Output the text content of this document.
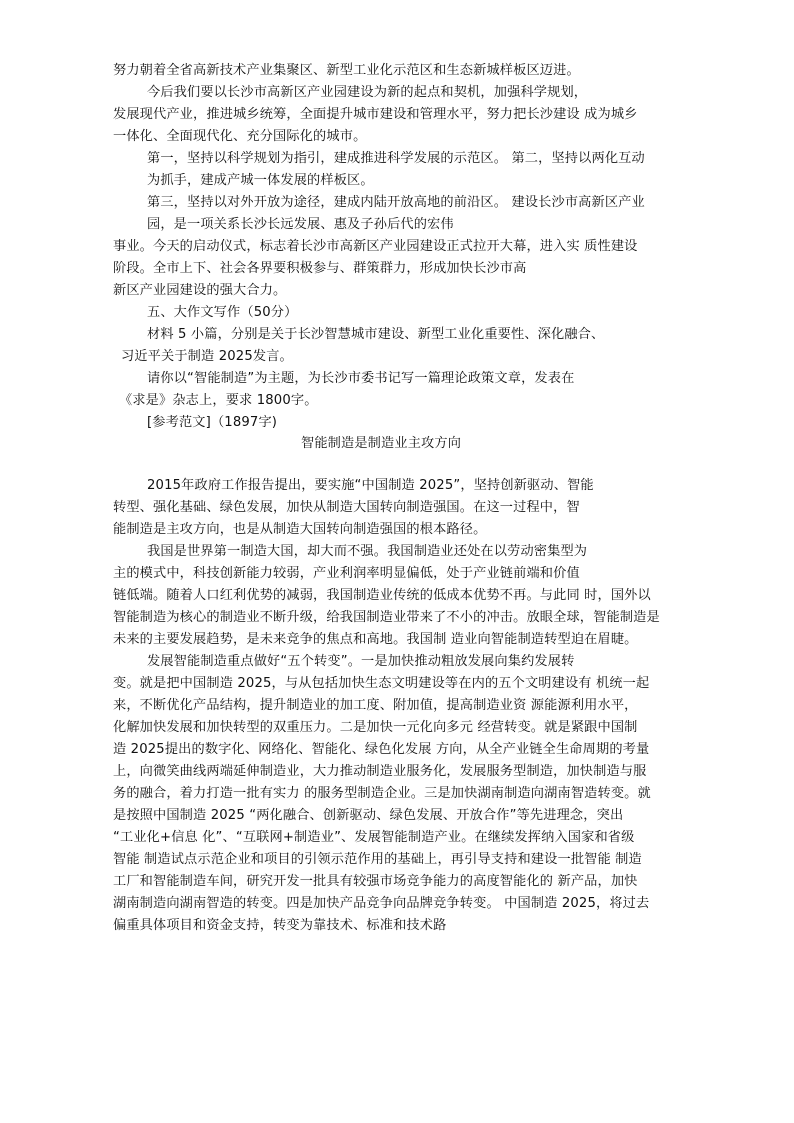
努力朝着全省高新技术产业集聚区、新型工业化示范区和生态新城样板区迈进。
今后我们要以长沙市高新区产业园建设为新的起点和契机，加强科学规划，
发展现代产业，推进城乡统筹，全面提升城市建设和管理水平，努力把长沙建设 成为城乡
一体化、全面现代化、充分国际化的城市。
第一，坚持以科学规划为指引，建成推进科学发展的示范区。 第二，坚持以两化互动
为抓手，建成产城一体发展的样板区。
第三，坚持以对外开放为途径，建成内陆开放高地的前沿区。 建设长沙市高新区产业
园，是一项关系长沙长远发展、惠及子孙后代的宏伟
事业。今天的启动仪式，标志着长沙市高新区产业园建设正式拉开大幕，进入实 质性建设
阶段。全市上下、社会各界要积极参与、群策群力，形成加快长沙市高
新区产业园建设的强大合力。
五、大作文写作（50分）
材料 5 小篇，分别是关于长沙智慧城市建设、新型工业化重要性、深化融合、
习近平关于制造 2025发言。
请你以“智能制造”为主题，为长沙市委书记写一篇理论政策文章，发表在
《求是》杂志上，要求 1800字。
[参考范文]（1897字)
智能制造是制造业主攻方向
2015年政府工作报告提出，要实施“中国制造 2025”，坚持创新驱动、智能
转型、强化基础、绿色发展，加快从制造大国转向制造强国。在这一过程中，智
能制造是主攻方向，也是从制造大国转向制造强国的根本路径。
我国是世界第一制造大国，却大而不强。我国制造业还处在以劳动密集型为
主的模式中，科技创新能力较弱，产业利润率明显偏低，处于产业链前端和价值
链低端。随着人口红利优势的减弱，我国制造业传统的低成本优势不再。与此同 时，国外以
智能制造为核心的制造业不断升级，给我国制造业带来了不小的冲击。放眼全球，智能制造是
未来的主要发展趋势，是未来竞争的焦点和高地。我国制 造业向智能制造转型迫在眉睫。
发展智能制造重点做好“五个转变”。一是加快推动粗放发展向集约发展转
变。就是把中国制造 2025，与从包括加快生态文明建设等在内的五个文明建设有 机统一起
来，不断优化产品结构，提升制造业的加工度、附加值，提高制造业资 源能源利用水平，
化解加快发展和加快转型的双重压力。二是加快一元化向多元 经营转变。就是紧跟中国制
造 2025提出的数字化、网络化、智能化、绿色化发展 方向，从全产业链全生命周期的考量
上，向微笑曲线两端延伸制造业，大力推动制造业服务化，发展服务型制造，加快制造与服
务的融合，着力打造一批有实力 的服务型制造企业。三是加快湖南制造向湖南智造转变。就
是按照中国制造 2025 “两化融合、创新驱动、绿色发展、开放合作”等先进理念，突出
“工业化+信息 化”、“互联网+制造业”、发展智能制造产业。在继续发挥纳入国家和省级
智能 制造试点示范企业和项目的引领示范作用的基础上，再引导支持和建设一批智能 制造
工厂和智能制造车间，研究开发一批具有较强市场竞争能力的高度智能化的 新产品，加快
湖南制造向湖南智造的转变。四是加快产品竞争向品牌竞争转变。 中国制造 2025，将过去
偏重具体项目和资金支持，转变为靠技术、标准和技术路
